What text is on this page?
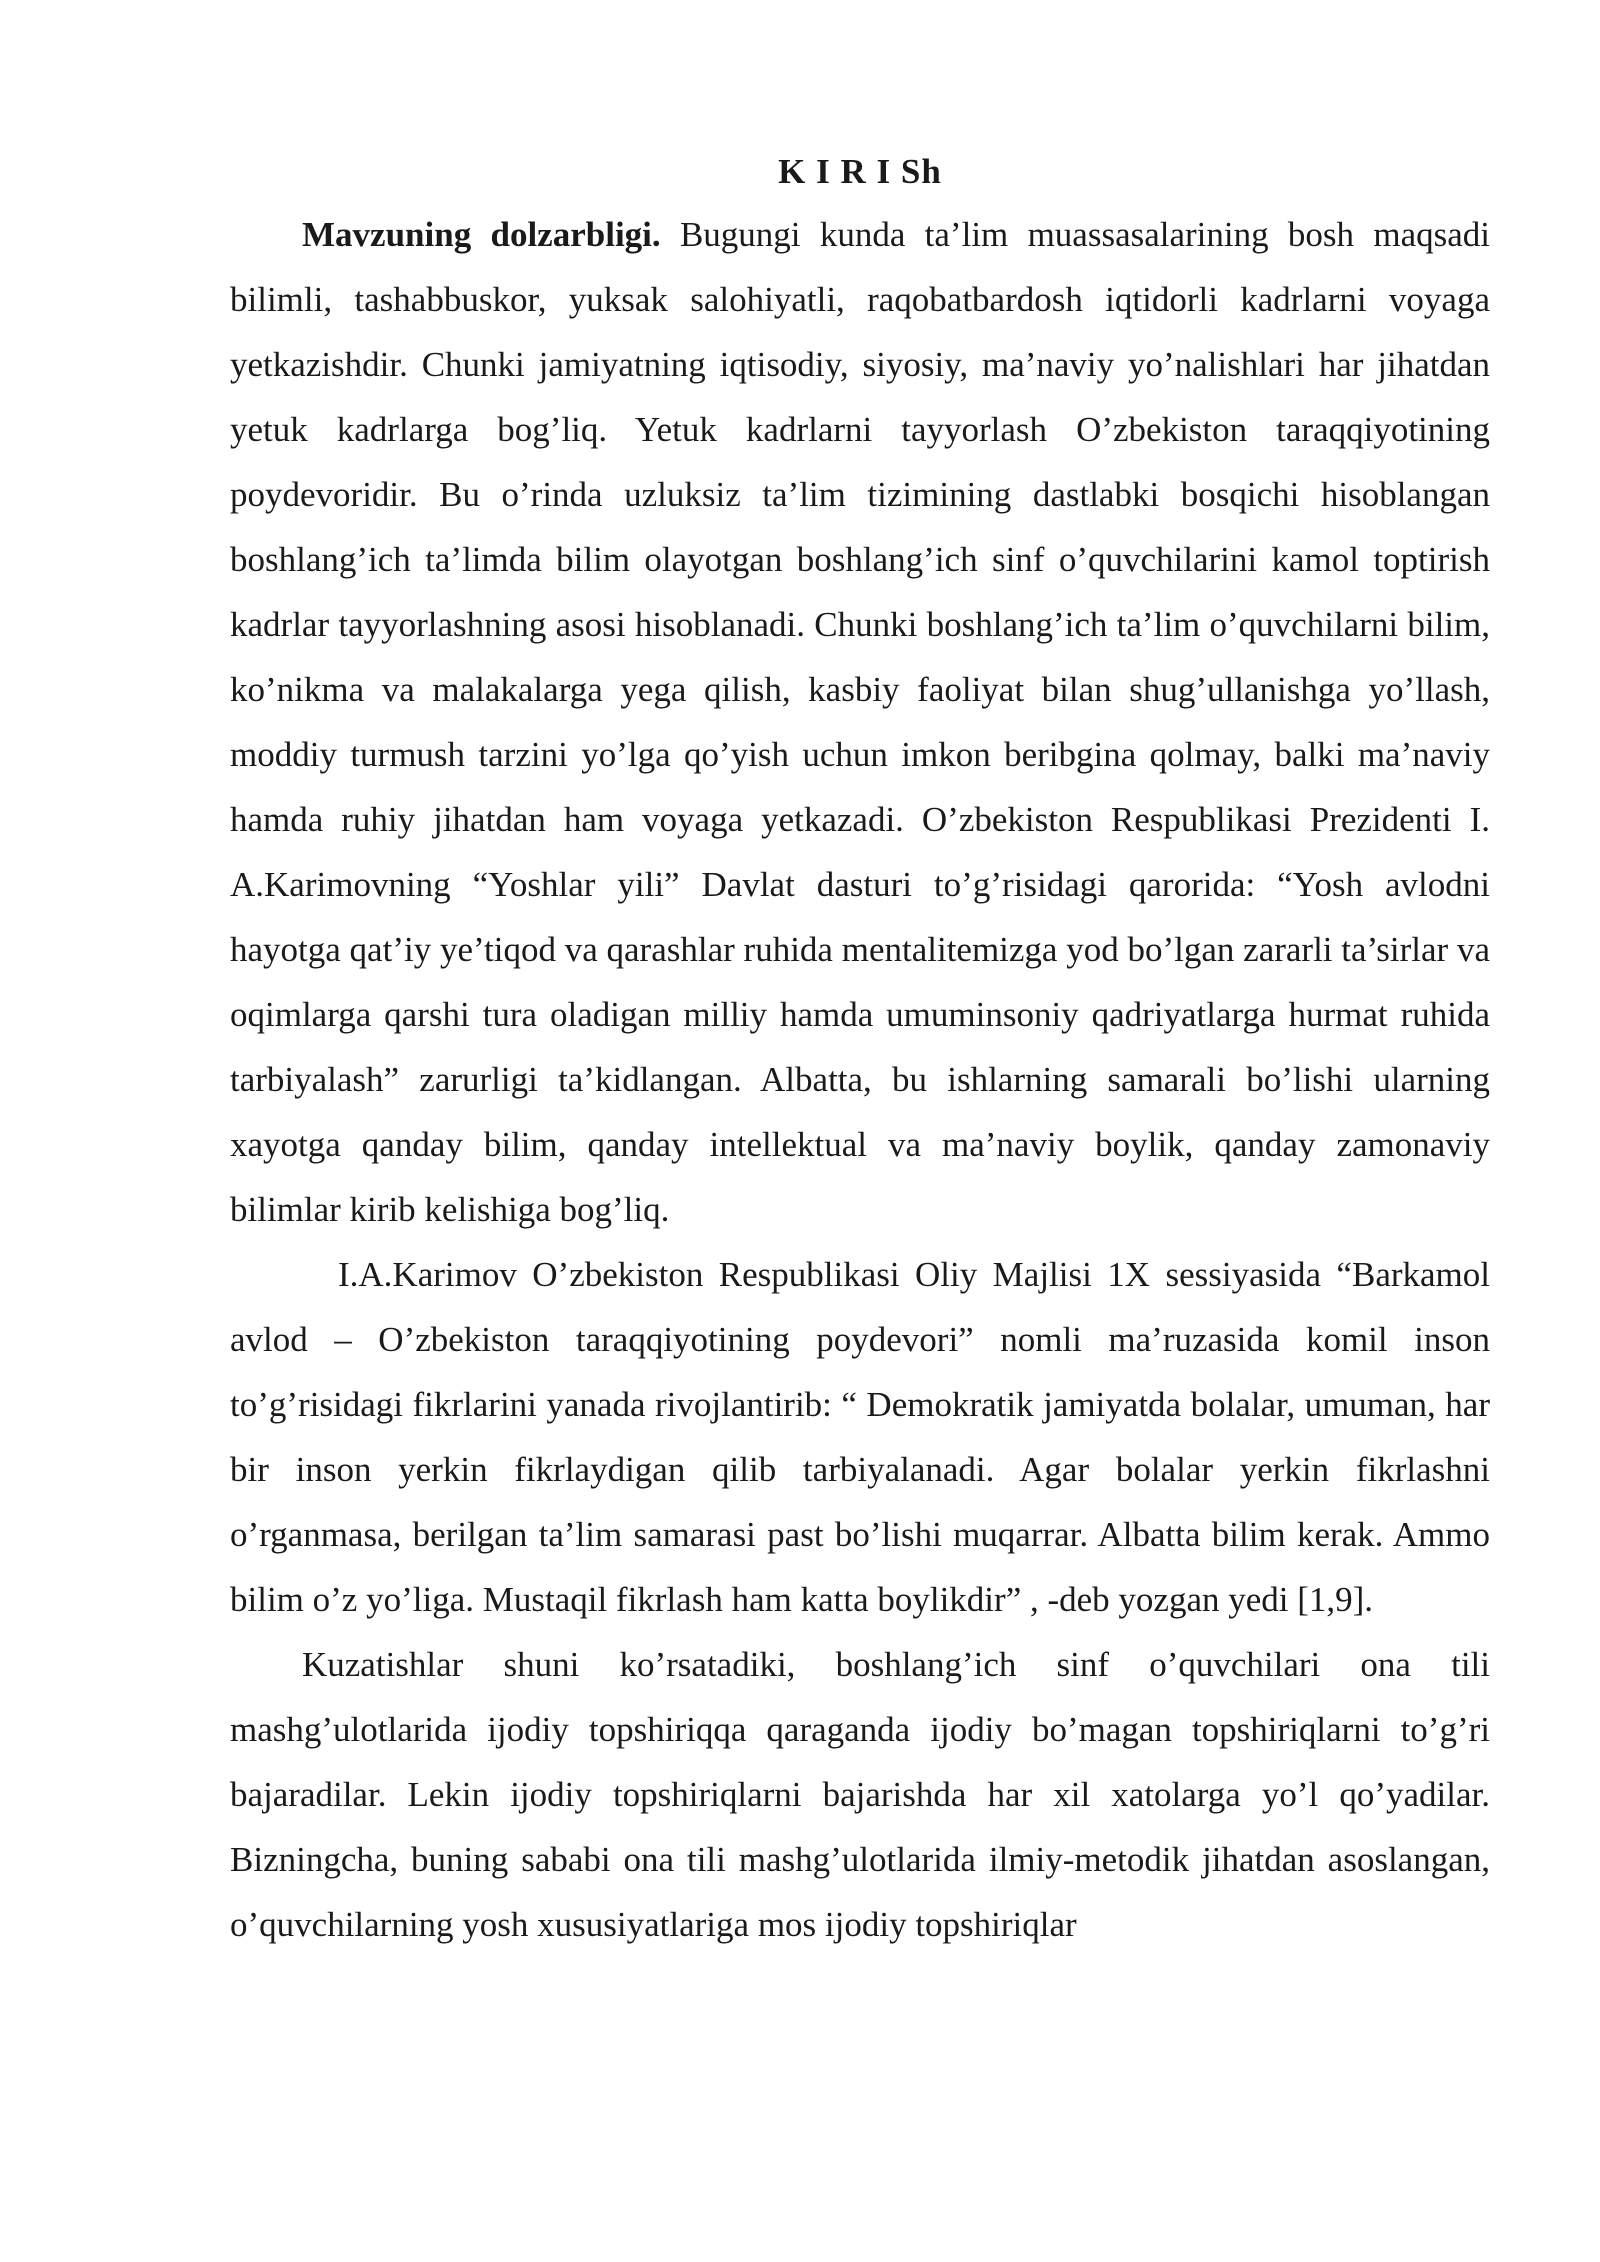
K I R I Sh

Mavzuning dolzarbligi. Bugungi kunda ta’lim muassasalarining bosh maqsadi bilimli, tashabbuskor, yuksak salohiyatli, raqobatbardosh iqtidorli kadrlarni voyaga yetkazishdir. Chunki jamiyatning iqtisodiy, siyosiy, ma’naviy yo’nalishlari har jihatdan yetuk kadrlarga bog’liq. Yetuk kadrlarni tayyorlash O’zbekiston taraqqiyotining poydevoridir. Bu o’rinda uzluksiz ta’lim tizimining dastlabki bosqichi hisoblangan boshlang’ich ta’limda bilim olayotgan boshlang’ich sinf o’quvchilarini kamol toptirish kadrlar tayyorlashning asosi hisoblanadi. Chunki boshlang’ich ta’lim o’quvchilarni bilim, ko’nikma va malakalarga yega qilish, kasbiy faoliyat bilan shug’ullanishga yo’llash, moddiy turmush tarzini yo’lga qo’yish uchun imkon beribgina qolmay, balki ma’naviy hamda ruhiy jihatdan ham voyaga yetkazadi. O’zbekiston Respublikasi Prezidenti I. A.Karimovning “Yoshlar yili” Davlat dasturi to’g’risidagi qarorida: “Yosh avlodni hayotga qat’iy ye’tiqod va qarashlar ruhida mentalitemizga yod bo’lgan zararli ta’sirlar va oqimlarga qarshi tura oladigan milliy hamda umuminsoniy qadriyatlarga hurmat ruhida tarbiyalash” zarurligi ta’kidlangan. Albatta, bu ishlarning samarali bo’lishi ularning xayotga qanday bilim, qanday intellektual va ma’naviy boylik, qanday zamonaviy bilimlar kirib kelishiga bog’liq.

I.A.Karimov O’zbekiston Respublikasi Oliy Majlisi 1X sessiyasida “Barkamol avlod – O’zbekiston taraqqiyotining poydevori” nomli ma’ruzasida komil inson to’g’risidagi fikrlarini yanada rivojlantirib: “ Demokratik jamiyatda bolalar, umuman, har bir inson yerkin fikrlaydigan qilib tarbiyalanadi. Agar bolalar yerkin fikrlashni o’rganmasa, berilgan ta’lim samarasi past bo’lishi muqarrar. Albatta bilim kerak. Ammo bilim o’z yo’liga. Mustaqil fikrlash ham katta boylikdir” , -deb yozgan yedi [1,9].

Kuzatishlar shuni ko’rsatadiki, boshlang’ich sinf o’quvchilari ona tili mashg’ulotlarida ijodiy topshiriqqa qaraganda ijodiy bo’magan topshiriqlarni to’g’ri bajaradilar. Lekin ijodiy topshiriqlarni bajarishda har xil xatolarga yo’l qo’yadilar. Bizningcha, buning sababi ona tili mashg’ulotlarida ilmiy-metodik jihatdan asoslangan, o’quvchilarning yosh xususiyatlariga mos ijodiy topshiriqlar
